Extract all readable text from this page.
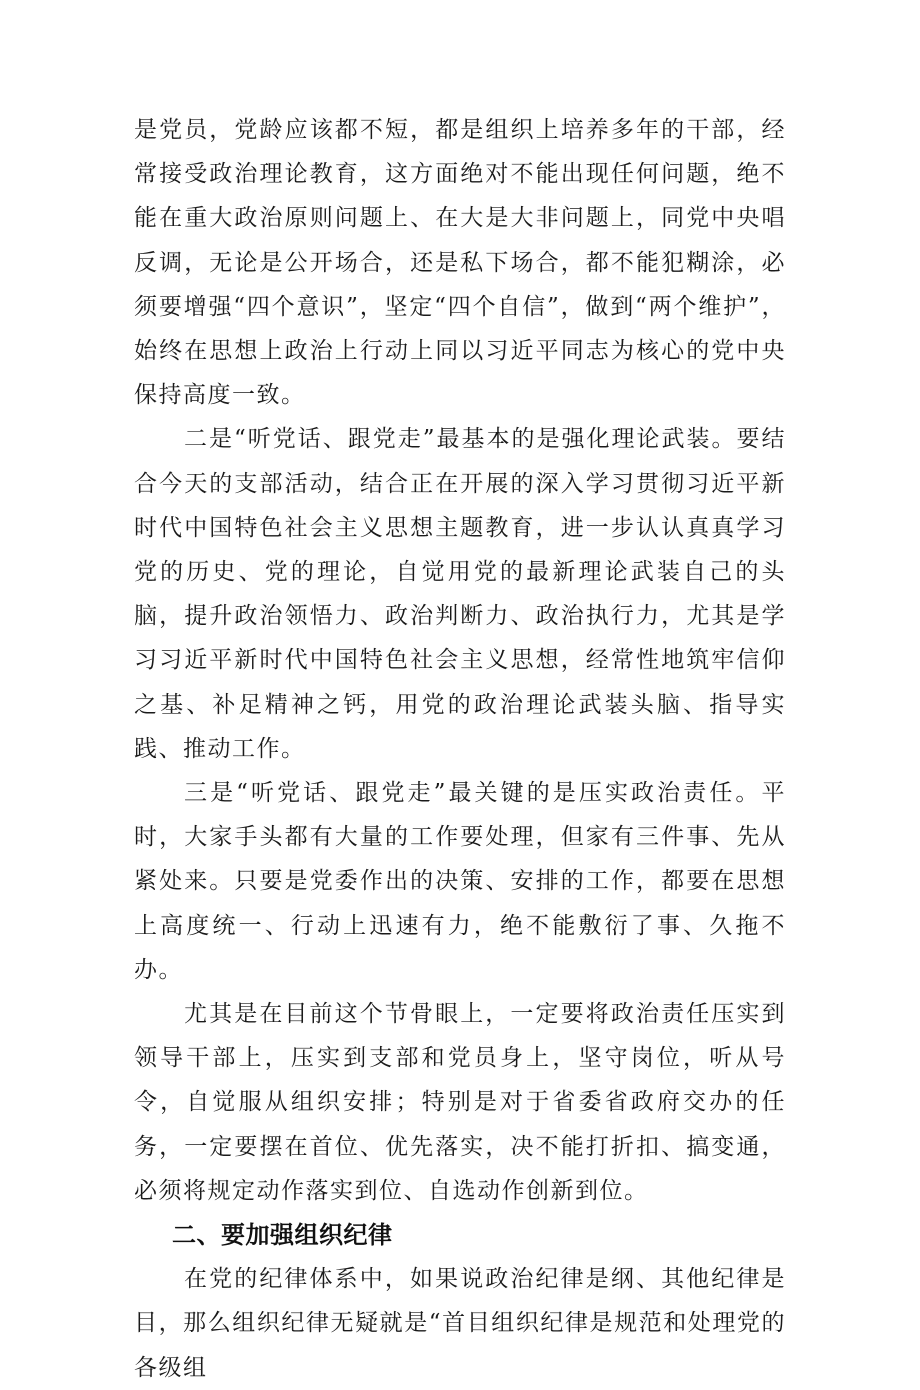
是党员，党龄应该都不短，都是组织上培养多年的干部，经常接受政治理论教育，这方面绝对不能出现任何问题，绝不能在重大政治原则问题上、在大是大非问题上，同党中央唱反调，无论是公开场合，还是私下场合，都不能犯糊涂，必须要增强“四个意识”，坚定“四个自信”，做到“两个维护”，始终在思想上政治上行动上同以习近平同志为核心的党中央保持高度一致。

二是“听党话、跟党走”最基本的是强化理论武装。要结合今天的支部活动，结合正在开展的深入学习贯彻习近平新时代中国特色社会主义思想主题教育，进一步认认真真学习党的历史、党的理论，自觉用党的最新理论武装自己的头脑，提升政治领悟力、政治判断力、政治执行力，尤其是学习习近平新时代中国特色社会主义思想，经常性地筑牢信仰之基、补足精神之钙，用党的政治理论武装头脑、指导实践、推动工作。

三是“听党话、跟党走”最关键的是压实政治责任。平时，大家手头都有大量的工作要处理，但家有三件事、先从紧处来。只要是党委作出的决策、安排的工作，都要在思想上高度统一、行动上迅速有力，绝不能敷衍了事、久拖不办。

尤其是在目前这个节骨眼上，一定要将政治责任压实到领导干部上，压实到支部和党员身上，坚守岗位，听从号令，自觉服从组织安排；特别是对于省委省政府交办的任务，一定要摆在首位、优先落实，决不能打折扣、搞变通，必须将规定动作落实到位、自选动作创新到位。

二、要加强组织纪律

在党的纪律体系中，如果说政治纪律是纲、其他纪律是目，那么组织纪律无疑就是“首目组织纪律是规范和处理党的各级组
